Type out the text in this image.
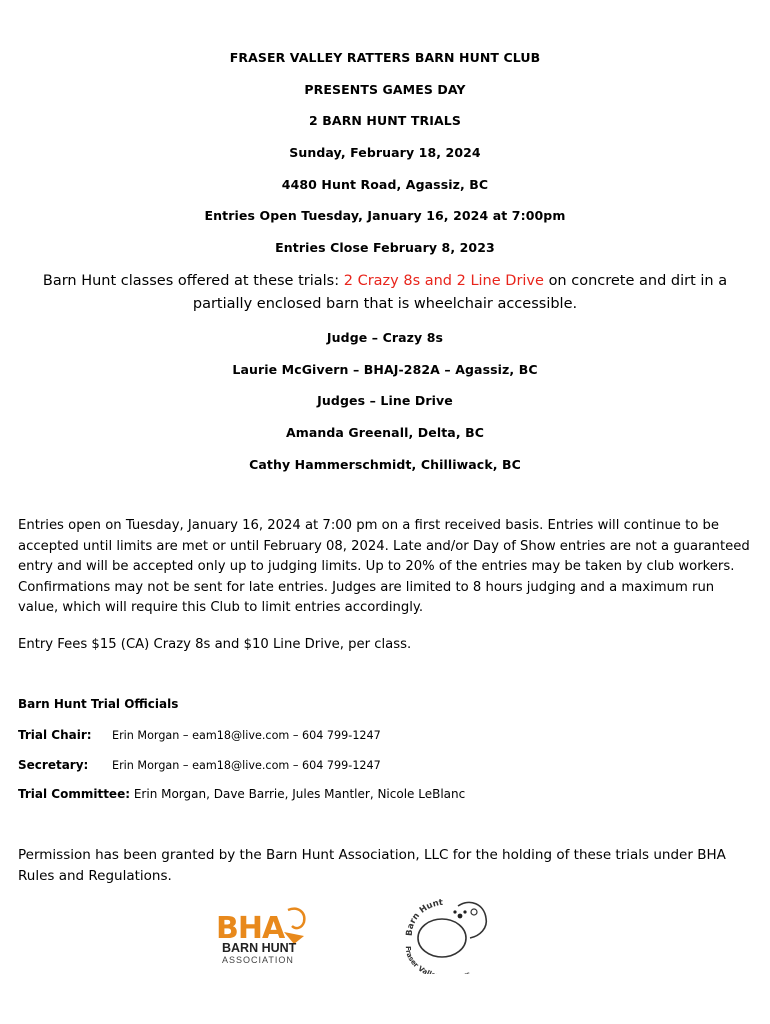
FRASER VALLEY RATTERS BARN HUNT CLUB
PRESENTS GAMES DAY
2 BARN HUNT TRIALS
Sunday, February 18, 2024
4480 Hunt Road, Agassiz, BC
Entries Open Tuesday, January 16, 2024 at 7:00pm
Entries Close February 8, 2023
Barn Hunt classes offered at these trials: 2 Crazy 8s and 2 Line Drive on concrete and dirt in a partially enclosed barn that is wheelchair accessible.
Judge – Crazy 8s
Laurie McGivern – BHAJ-282A – Agassiz, BC
Judges – Line Drive
Amanda Greenall, Delta, BC
Cathy Hammerschmidt, Chilliwack, BC
Entries open on Tuesday, January 16, 2024 at 7:00 pm on a first received basis. Entries will continue to be accepted until limits are met or until February 08, 2024. Late and/or Day of Show entries are not a guaranteed entry and will be accepted only up to judging limits. Up to 20% of the entries may be taken by club workers. Confirmations may not be sent for late entries. Judges are limited to 8 hours judging and a maximum run value, which will require this Club to limit entries accordingly.
Entry Fees $15 (CA) Crazy 8s and $10 Line Drive, per class.
Barn Hunt Trial Officials
Trial Chair: Erin Morgan – eam18@live.com – 604 799-1247
Secretary: Erin Morgan – eam18@live.com – 604 799-1247
Trial Committee: Erin Morgan, Dave Barrie, Jules Mantler, Nicole LeBlanc
Permission has been granted by the Barn Hunt Association, LLC for the holding of these trials under BHA Rules and Regulations.
BHA
BARN HUNT
ASSOCIATION
Barn Hunt
Fraser Vall
